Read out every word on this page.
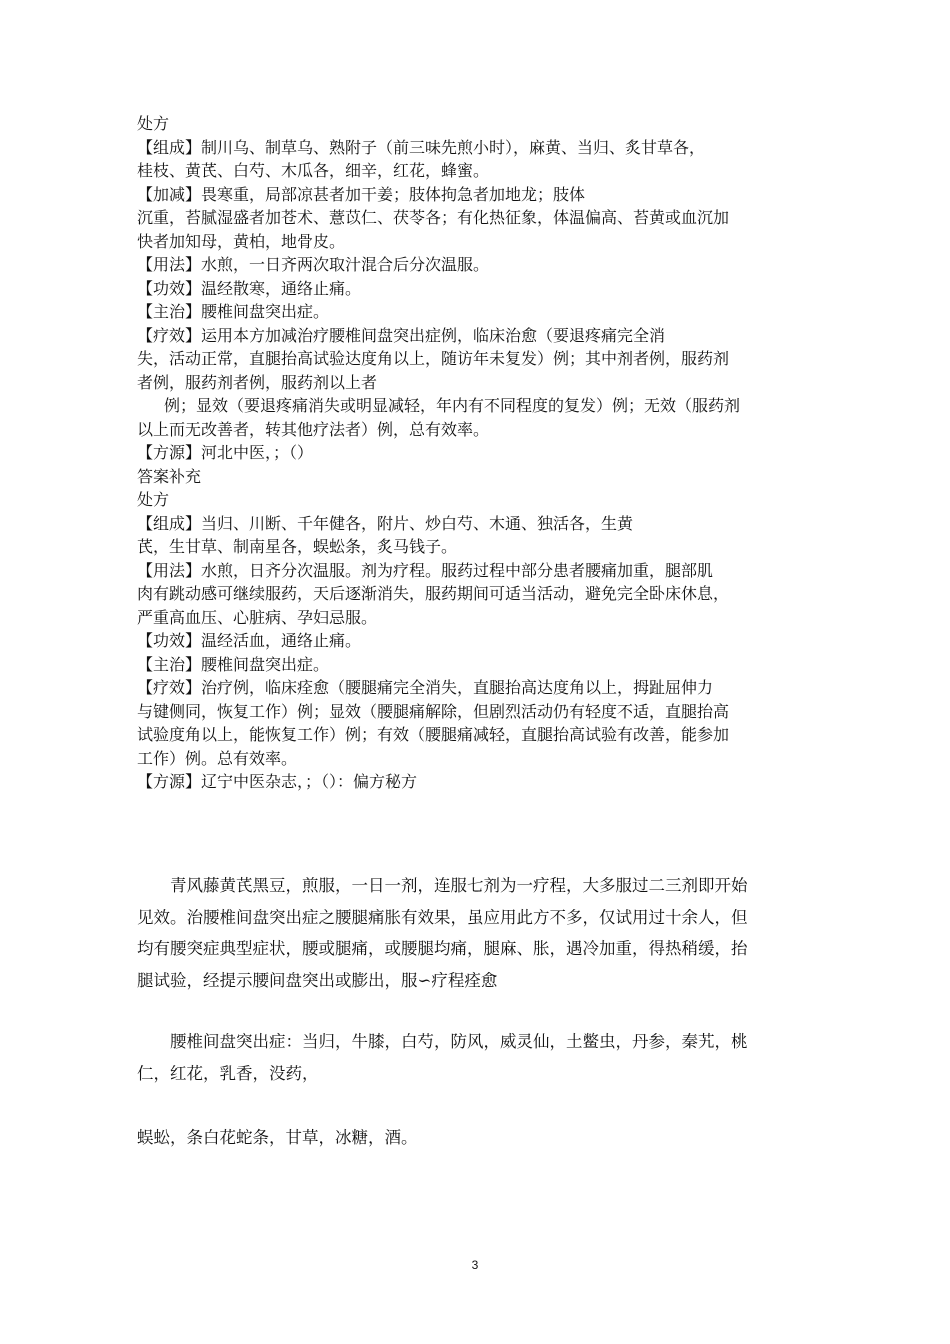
处方
【组成】制川乌、制草乌、熟附子（前三味先煎小时），麻黄、当归、炙甘草各，
桂枝、黄芪、白芍、木瓜各，细辛，红花，蜂蜜。
【加减】畏寒重，局部凉甚者加干姜；肢体拘急者加地龙；肢体
沉重，苔腻湿盛者加苍术、薏苡仁、茯苓各；有化热征象，体温偏高、苔黄或血沉加
快者加知母，黄柏，地骨皮。
【用法】水煎，一日齐两次取汁混合后分次温服。
【功效】温经散寒，通络止痛。
【主治】腰椎间盘突出症。
【疗效】运用本方加减治疗腰椎间盘突出症例，临床治愈（要退疼痛完全消
失，活动正常，直腿抬高试验达度角以上，随访年未复发）例；其中剂者例，服药剂
者例，服药剂者例，服药剂以上者
例；显效（要退疼痛消失或明显减轻，年内有不同程度的复发）例；无效（服药剂
以上而无改善者，转其他疗法者）例，总有效率。
【方源】河北中医，；（）
答案补充
处方
【组成】当归、川断、千年健各，附片、炒白芍、木通、独活各，生黄
芪，生甘草、制南星各，蜈蚣条，炙马钱子。
【用法】水煎，日齐分次温服。剂为疗程。服药过程中部分患者腰痛加重，腿部肌
肉有跳动感可继续服药，天后逐渐消失，服药期间可适当活动，避免完全卧床休息，
严重高血压、心脏病、孕妇忌服。
【功效】温经活血，通络止痛。
【主治】腰椎间盘突出症。
【疗效】治疗例，临床痊愈（腰腿痛完全消失，直腿抬高达度角以上，拇趾屈伸力
与键侧同，恢复工作）例；显效（腰腿痛解除，但剧烈活动仍有轻度不适，直腿抬高
试验度角以上，能恢复工作）例；有效（腰腿痛减轻，直腿抬高试验有改善，能参加
工作）例。总有效率。
【方源】辽宁中医杂志，；（）：偏方秘方
青风藤黄芪黑豆，煎服，一日一剂，连服七剂为一疗程，大多服过二三剂即开始
见效。治腰椎间盘突出症之腰腿痛胀有效果，虽应用此方不多，仅试用过十余人，但
均有腰突症典型症状，腰或腿痛，或腰腿均痛，腿麻、胀，遇冷加重，得热稍缓，抬
腿试验，经提示腰间盘突出或膨出，服∽疗程痊愈
腰椎间盘突出症：当归，牛膝，白芍，防风，威灵仙，土鳖虫，丹参，秦艽，桃
仁，红花，乳香，没药，
蜈蚣，条白花蛇条，甘草，冰糖，酒。
3
